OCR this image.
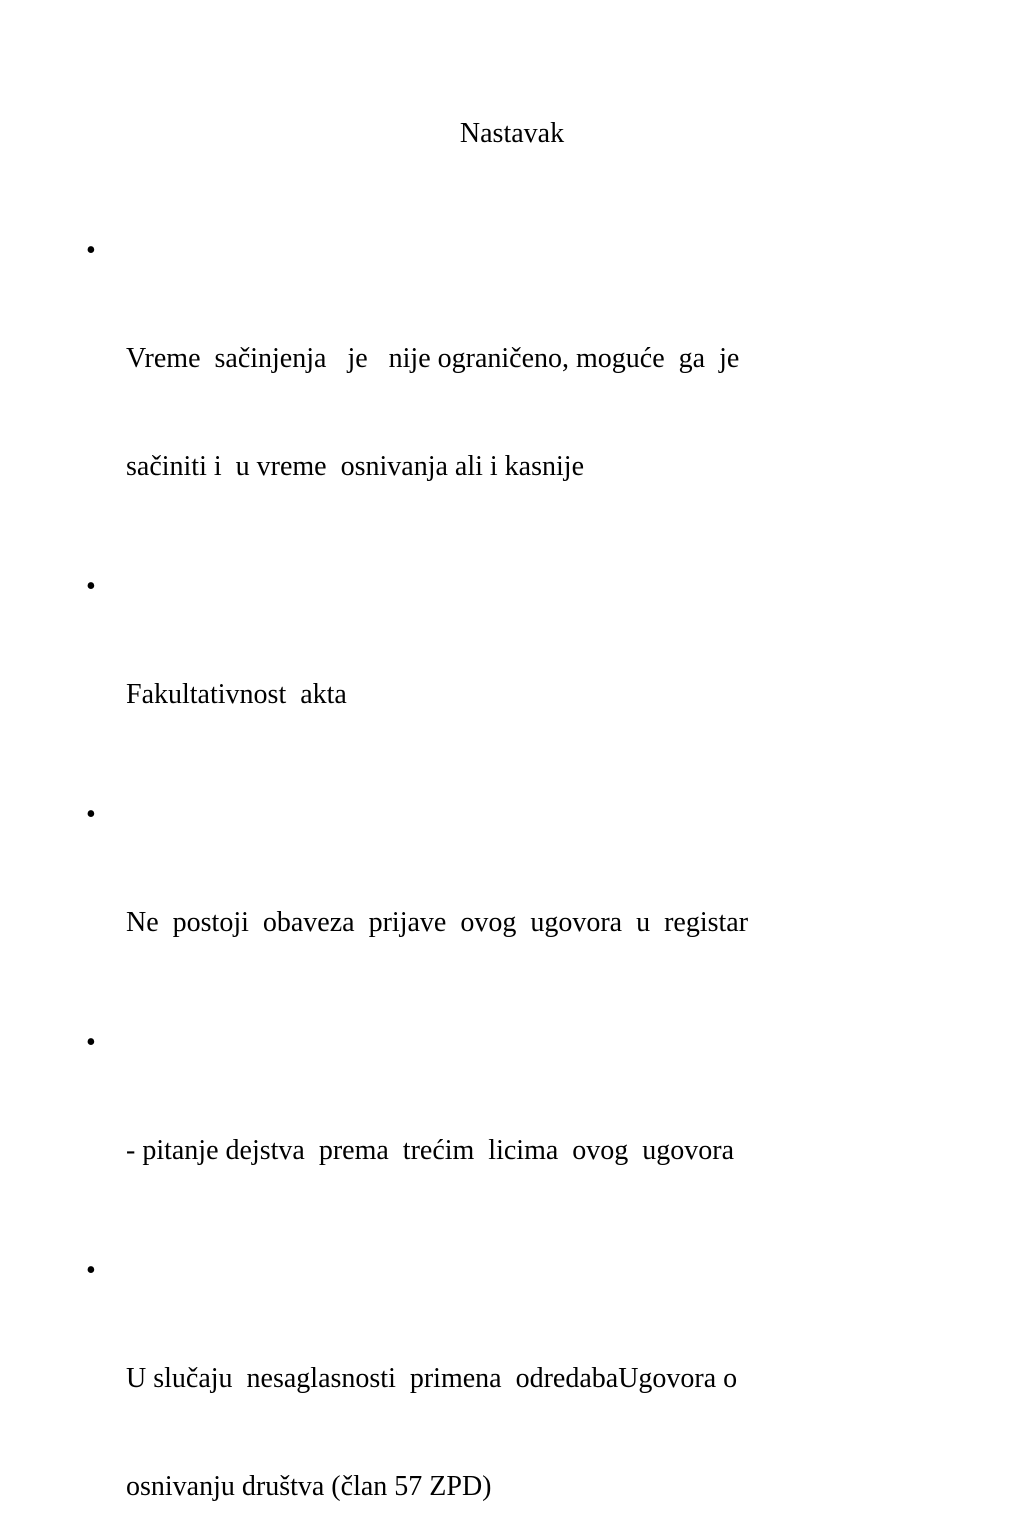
Nastavak

•

Vreme  sačinjenja   je   nije ograničeno, moguće  ga  je

sačiniti i  u vreme  osnivanja ali i kasnije

•

Fakultativnost  akta

•

Ne  postoji  obaveza  prijave  ovog  ugovora  u  registar

•

- pitanje dejstva  prema  trećim  licima  ovog  ugovora

•

U slučaju  nesaglasnosti  primena  odredabaUgovora o

osnivanju društva (član 57 ZPD)
